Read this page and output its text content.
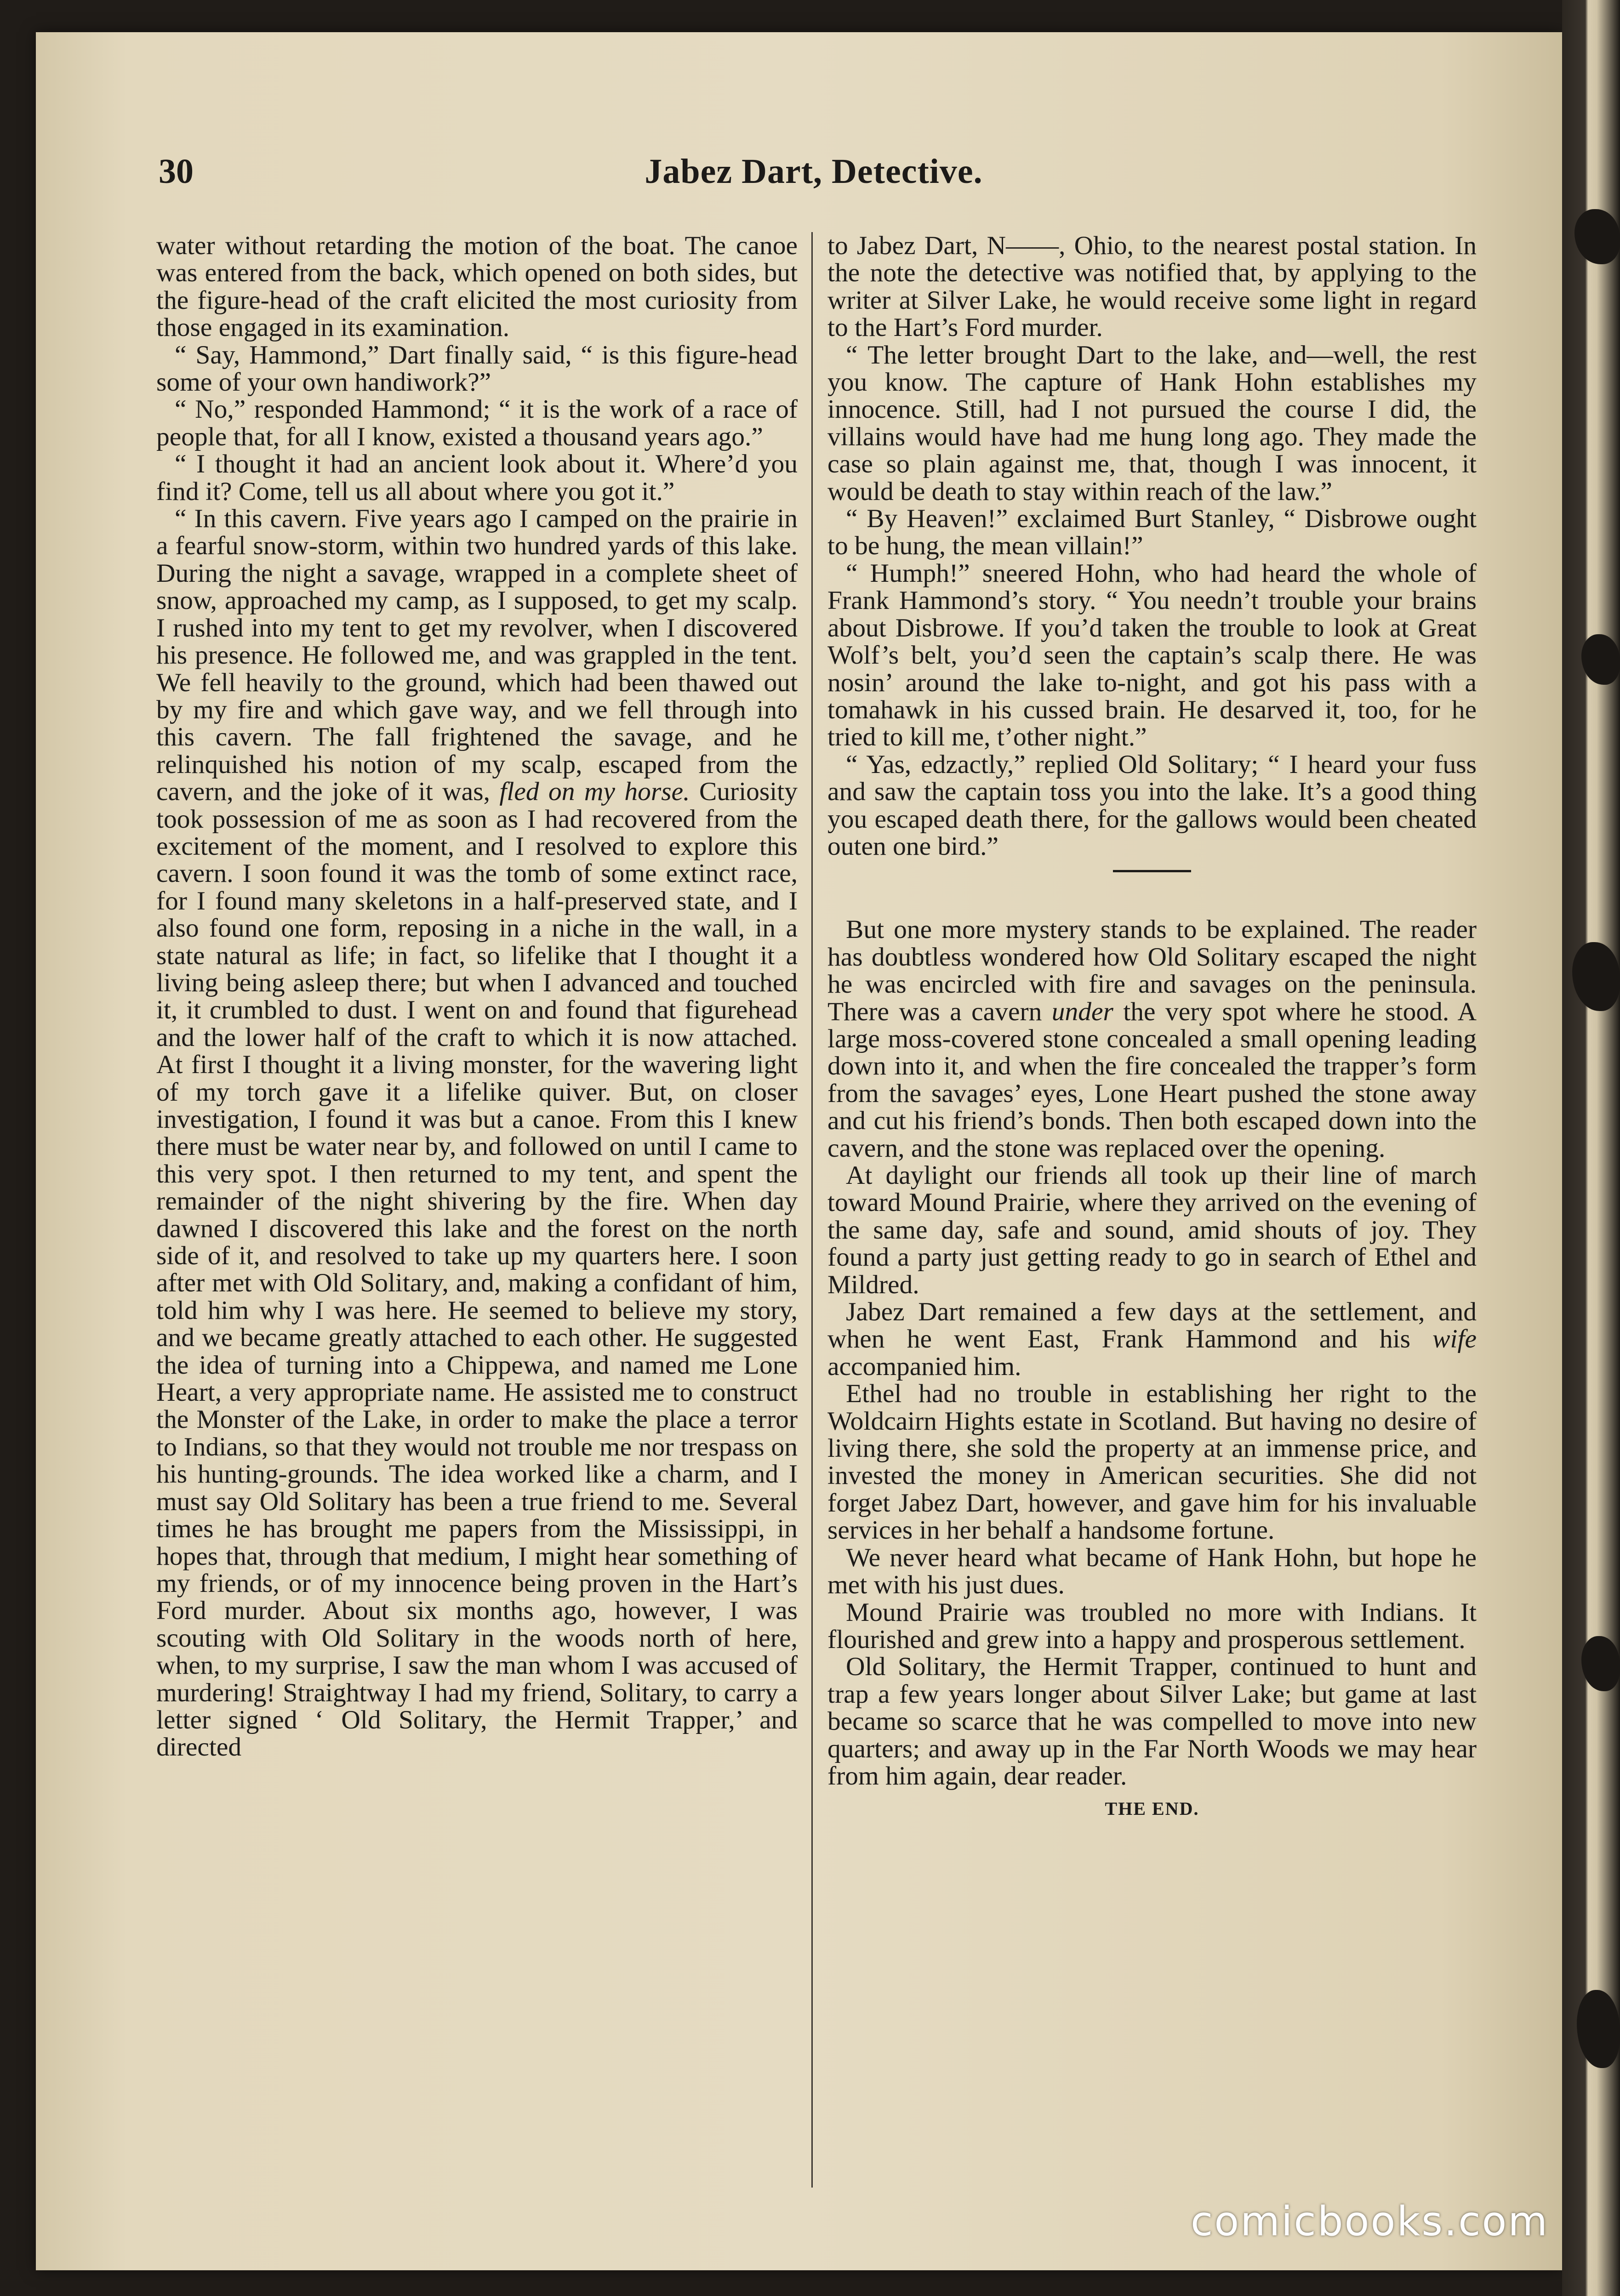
30	Jabez Dart, Detective.

water without retarding the motion of the boat. The canoe was entered from the back, which opened on both sides, but the figure-head of the craft elicited the most curiosity from those engaged in its examination.

“ Say, Hammond,” Dart finally said, “ is this figure-head some of your own handiwork?”

“ No,” responded Hammond; “ it is the work of a race of people that, for all I know, existed a thousand years ago.”

“ I thought it had an ancient look about it. Where’d you find it? Come, tell us all about where you got it.”

“ In this cavern. Five years ago I camped on the prairie in a fearful snow-storm, within two hundred yards of this lake. During the night a savage, wrapped in a complete sheet of snow, approached my camp, as I supposed, to get my scalp. I rushed into my tent to get my revolver, when I discovered his presence. He followed me, and was grappled in the tent. We fell heavily to the ground, which had been thawed out by my fire and which gave way, and we fell through into this cavern. The fall frightened the savage, and he relinquished his notion of my scalp, escaped from the cavern, and the joke of it was, fled on my horse. Curiosity took possession of me as soon as I had recovered from the excitement of the moment, and I resolved to explore this cavern. I soon found it was the tomb of some extinct race, for I found many skeletons in a half-preserved state, and I also found one form, reposing in a niche in the wall, in a state natural as life; in fact, so lifelike that I thought it a living being asleep there; but when I advanced and touched it, it crumbled to dust. I went on and found that figurehead and the lower half of the craft to which it is now attached. At first I thought it a living monster, for the wavering light of my torch gave it a lifelike quiver. But, on closer investigation, I found it was but a canoe. From this I knew there must be water near by, and followed on until I came to this very spot. I then returned to my tent, and spent the remainder of the night shivering by the fire. When day dawned I discovered this lake and the forest on the north side of it, and resolved to take up my quarters here. I soon after met with Old Solitary, and, making a confidant of him, told him why I was here. He seemed to believe my story, and we became greatly attached to each other. He suggested the idea of turning into a Chippewa, and named me Lone Heart, a very appropriate name. He assisted me to construct the Monster of the Lake, in order to make the place a terror to Indians, so that they would not trouble me nor trespass on his hunting-grounds. The idea worked like a charm, and I must say Old Solitary has been a true friend to me. Several times he has brought me papers from the Mississippi, in hopes that, through that medium, I might hear something of my friends, or of my innocence being proven in the Hart’s Ford murder. About six months ago, however, I was scouting with Old Solitary in the woods north of here, when, to my surprise, I saw the man whom I was accused of murdering! Straightway I had my friend, Solitary, to carry a letter signed ‘ Old Solitary, the Hermit Trapper,’ and directed

to Jabez Dart, N——, Ohio, to the nearest postal station. In the note the detective was notified that, by applying to the writer at Silver Lake, he would receive some light in regard to the Hart’s Ford murder.

“ The letter brought Dart to the lake, and—well, the rest you know. The capture of Hank Hohn establishes my innocence. Still, had I not pursued the course I did, the villains would have had me hung long ago. They made the case so plain against me, that, though I was innocent, it would be death to stay within reach of the law.”

“ By Heaven!” exclaimed Burt Stanley, “ Disbrowe ought to be hung, the mean villain!”

“ Humph!” sneered Hohn, who had heard the whole of Frank Hammond’s story. “ You needn’t trouble your brains about Disbrowe. If you’d taken the trouble to look at Great Wolf’s belt, you’d seen the captain’s scalp there. He was nosin’ around the lake to-night, and got his pass with a tomahawk in his cussed brain. He desarved it, too, for he tried to kill me, t’other night.”

“ Yas, edzactly,” replied Old Solitary; “ I heard your fuss and saw the captain toss you into the lake. It’s a good thing you escaped death there, for the gallows would been cheated outen one bird.”

But one more mystery stands to be explained. The reader has doubtless wondered how Old Solitary escaped the night he was encircled with fire and savages on the peninsula. There was a cavern under the very spot where he stood. A large moss-covered stone concealed a small opening leading down into it, and when the fire concealed the trapper’s form from the savages’ eyes, Lone Heart pushed the stone away and cut his friend’s bonds. Then both escaped down into the cavern, and the stone was replaced over the opening.

At daylight our friends all took up their line of march toward Mound Prairie, where they arrived on the evening of the same day, safe and sound, amid shouts of joy. They found a party just getting ready to go in search of Ethel and Mildred.

Jabez Dart remained a few days at the settlement, and when he went East, Frank Hammond and his wife accompanied him.

Ethel had no trouble in establishing her right to the Woldcairn Hights estate in Scotland. But having no desire of living there, she sold the property at an immense price, and invested the money in American securities. She did not forget Jabez Dart, however, and gave him for his invaluable services in her behalf a handsome fortune.

We never heard what became of Hank Hohn, but hope he met with his just dues.

Mound Prairie was troubled no more with Indians. It flourished and grew into a happy and prosperous settlement.

Old Solitary, the Hermit Trapper, continued to hunt and trap a few years longer about Silver Lake; but game at last became so scarce that he was compelled to move into new quarters; and away up in the Far North Woods we may hear from him again, dear reader.

THE END.
comicbooks.com
